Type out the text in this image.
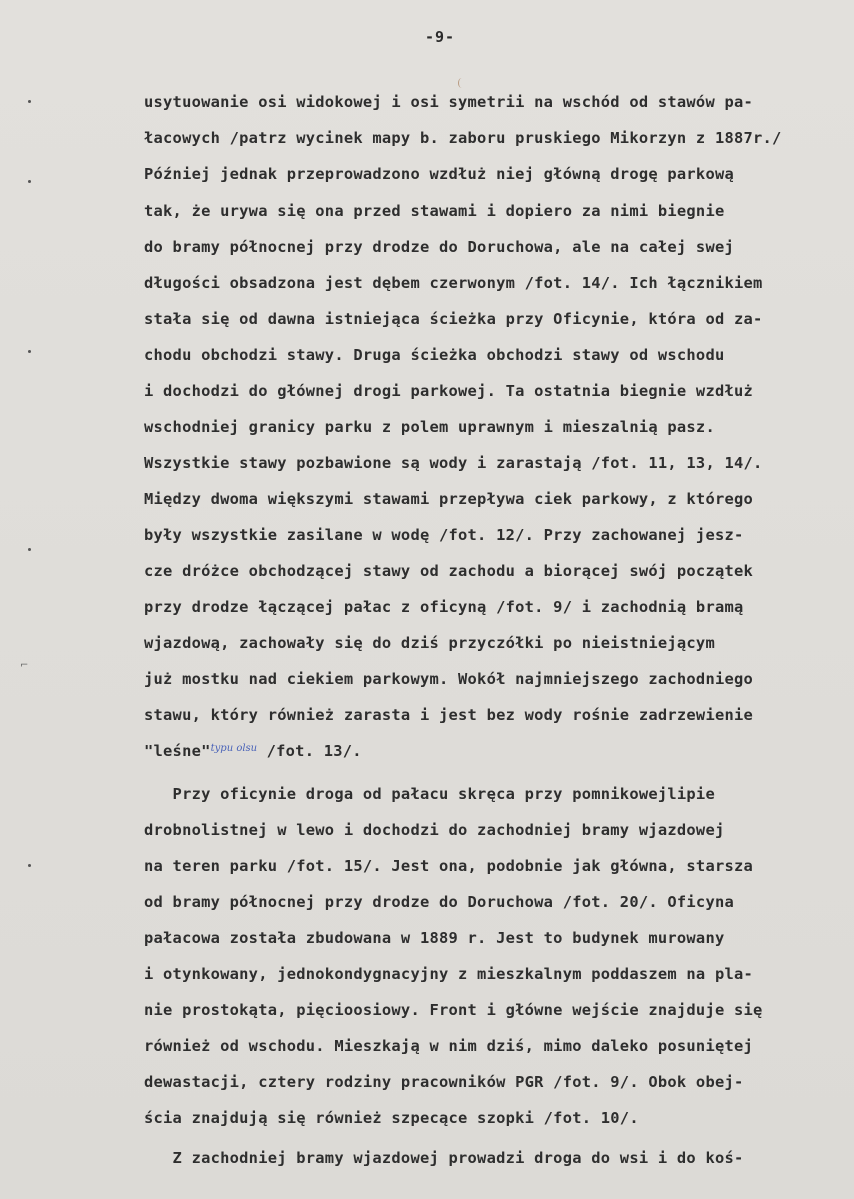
-9-
⌐
usytuowanie osi widokowej i osi symetrii na wschód od stawów pa-
łacowych /patrz wycinek mapy b. zaboru pruskiego Mikorzyn z 1887r./
Później jednak przeprowadzono wzdłuż niej główną drogę parkową
tak, że urywa się ona przed stawami i dopiero za nimi biegnie
do bramy północnej przy drodze do Doruchowa, ale na całej swej
długości obsadzona jest dębem czerwonym /fot. 14/. Ich łącznikiem
stała się od dawna istniejąca ścieżka przy Oficynie, która od za-
chodu obchodzi stawy. Druga ścieżka obchodzi stawy od wschodu
i dochodzi do głównej drogi parkowej. Ta ostatnia biegnie wzdłuż
wschodniej granicy parku z polem uprawnym i mieszalnią pasz.
Wszystkie stawy pozbawione są wody i zarastają /fot. 11, 13, 14/.
Między dwoma większymi stawami przepływa ciek parkowy, z którego
były wszystkie zasilane w wodę /fot. 12/. Przy zachowanej jesz-
cze dróżce obchodzącej stawy od zachodu a biorącej swój początek
przy drodze łączącej pałac z oficyną /fot. 9/ i zachodnią bramą
wjazdową, zachowały się do dziś przyczółki po nieistniejącym
już mostku nad ciekiem parkowym. Wokół najmniejszego zachodniego
stawu, który również zarasta i jest bez wody rośnie zadrzewienie
"leśne"$^{typu olsu}$ /fot. 13/.
Przy oficynie droga od pałacu skręca przy pomnikowejlipie
drobnolistnej w lewo i dochodzi do zachodniej bramy wjazdowej
na teren parku /fot. 15/. Jest ona, podobnie jak główna, starsza
od bramy północnej przy drodze do Doruchowa /fot. 20/. Oficyna
pałacowa została zbudowana w 1889 r. Jest to budynek murowany
i otynkowany, jednokondygnacyjny z mieszkalnym poddaszem na pla-
nie prostokąta, pięcioosiowy. Front i główne wejście znajduje się
również od wschodu. Mieszkają w nim dziś, mimo daleko posuniętej
dewastacji, cztery rodziny pracowników PGR /fot. 9/. Obok obej-
ścia znajdują się również szpecące szopki /fot. 10/.
Z zachodniej bramy wjazdowej prowadzi droga do wsi i do koś-
